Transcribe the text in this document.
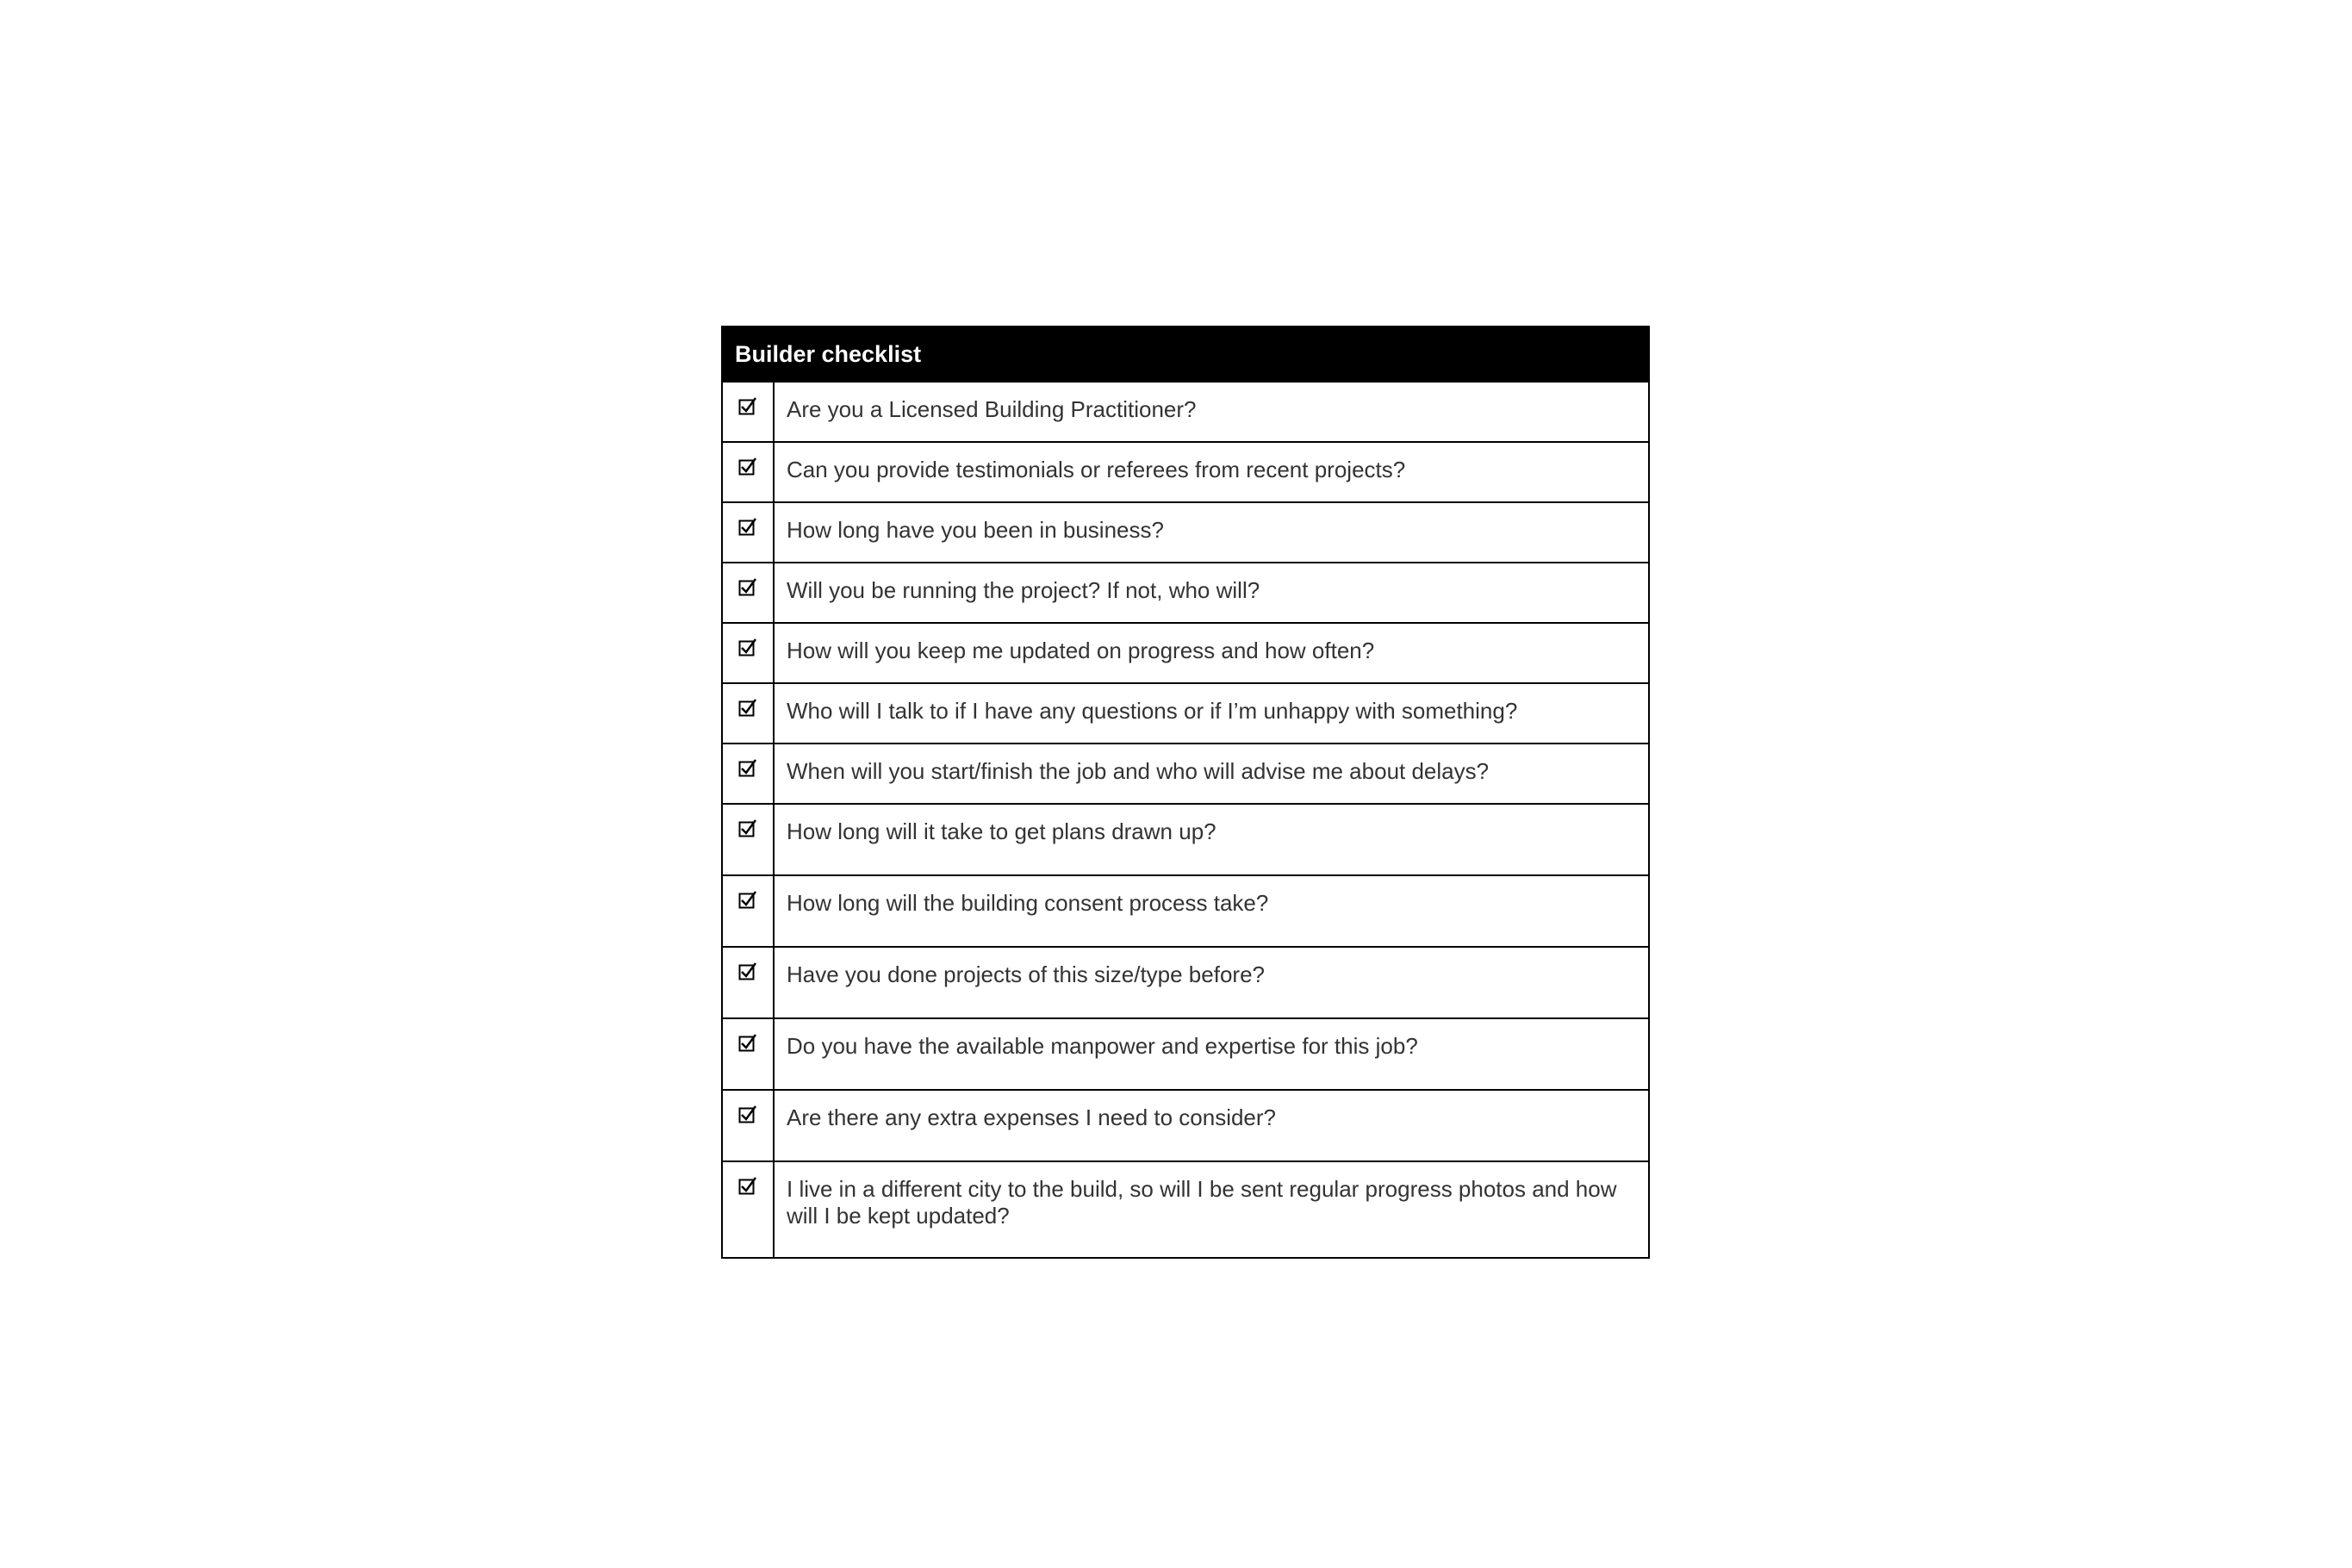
Builder checklist
Are you a Licensed Building Practitioner?
Can you provide testimonials or referees from recent projects?
How long have you been in business?
Will you be running the project? If not, who will?
How will you keep me updated on progress and how often?
Who will I talk to if I have any questions or if I’m unhappy with something?
When will you start/finish the job and who will advise me about delays?
How long will it take to get plans drawn up?
How long will the building consent process take?
Have you done projects of this size/type before?
Do you have the available manpower and expertise for this job?
Are there any extra expenses I need to consider?
I live in a different city to the build, so will I be sent regular progress photos and how will I be kept updated?
